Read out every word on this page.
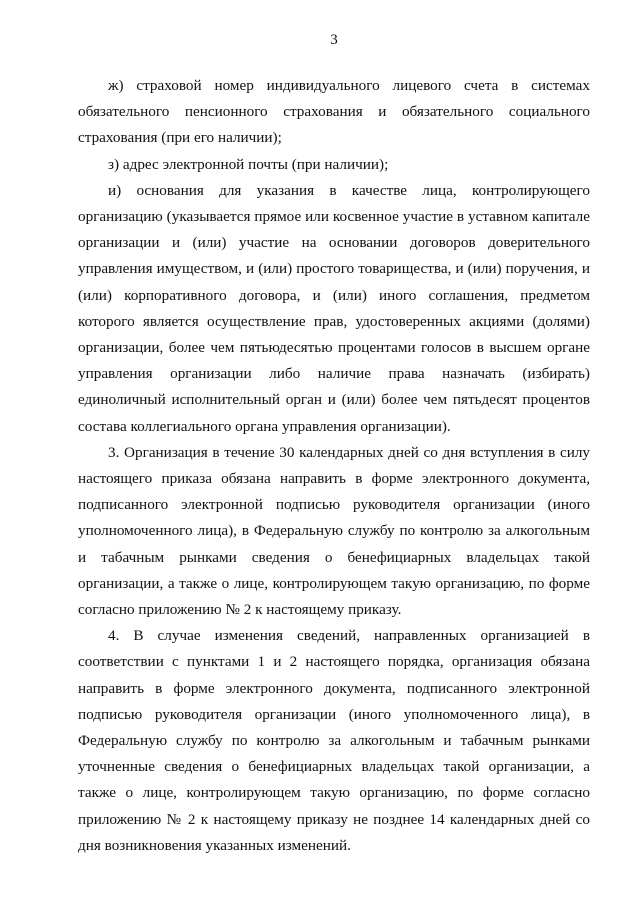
3

ж) страховой номер индивидуального лицевого счета в системах обязательного пенсионного страхования и обязательного социального страхования (при его наличии);

з) адрес электронной почты (при наличии);

и) основания для указания в качестве лица, контролирующего организацию (указывается прямое или косвенное участие в уставном капитале организации и (или) участие на основании договоров доверительного управления имуществом, и (или) простого товарищества, и (или) поручения, и (или) корпоративного договора, и (или) иного соглашения, предметом которого является осуществление прав, удостоверенных акциями (долями) организации, более чем пятьюдесятью процентами голосов в высшем органе управления организации либо наличие права назначать (избирать) единоличный исполнительный орган и (или) более чем пятьдесят процентов состава коллегиального органа управления организации).

3. Организация в течение 30 календарных дней со дня вступления в силу настоящего приказа обязана направить в форме электронного документа, подписанного электронной подписью руководителя организации (иного уполномоченного лица), в Федеральную службу по контролю за алкогольным и табачным рынками сведения о бенефициарных владельцах такой организации, а также о лице, контролирующем такую организацию, по форме согласно приложению № 2 к настоящему приказу.

4. В случае изменения сведений, направленных организацией в соответствии с пунктами 1 и 2 настоящего порядка, организация обязана направить в форме электронного документа, подписанного электронной подписью руководителя организации (иного уполномоченного лица), в Федеральную службу по контролю за алкогольным и табачным рынками уточненные сведения о бенефициарных владельцах такой организации, а также о лице, контролирующем такую организацию, по форме согласно приложению № 2 к настоящему приказу не позднее 14 календарных дней со дня возникновения указанных изменений.
